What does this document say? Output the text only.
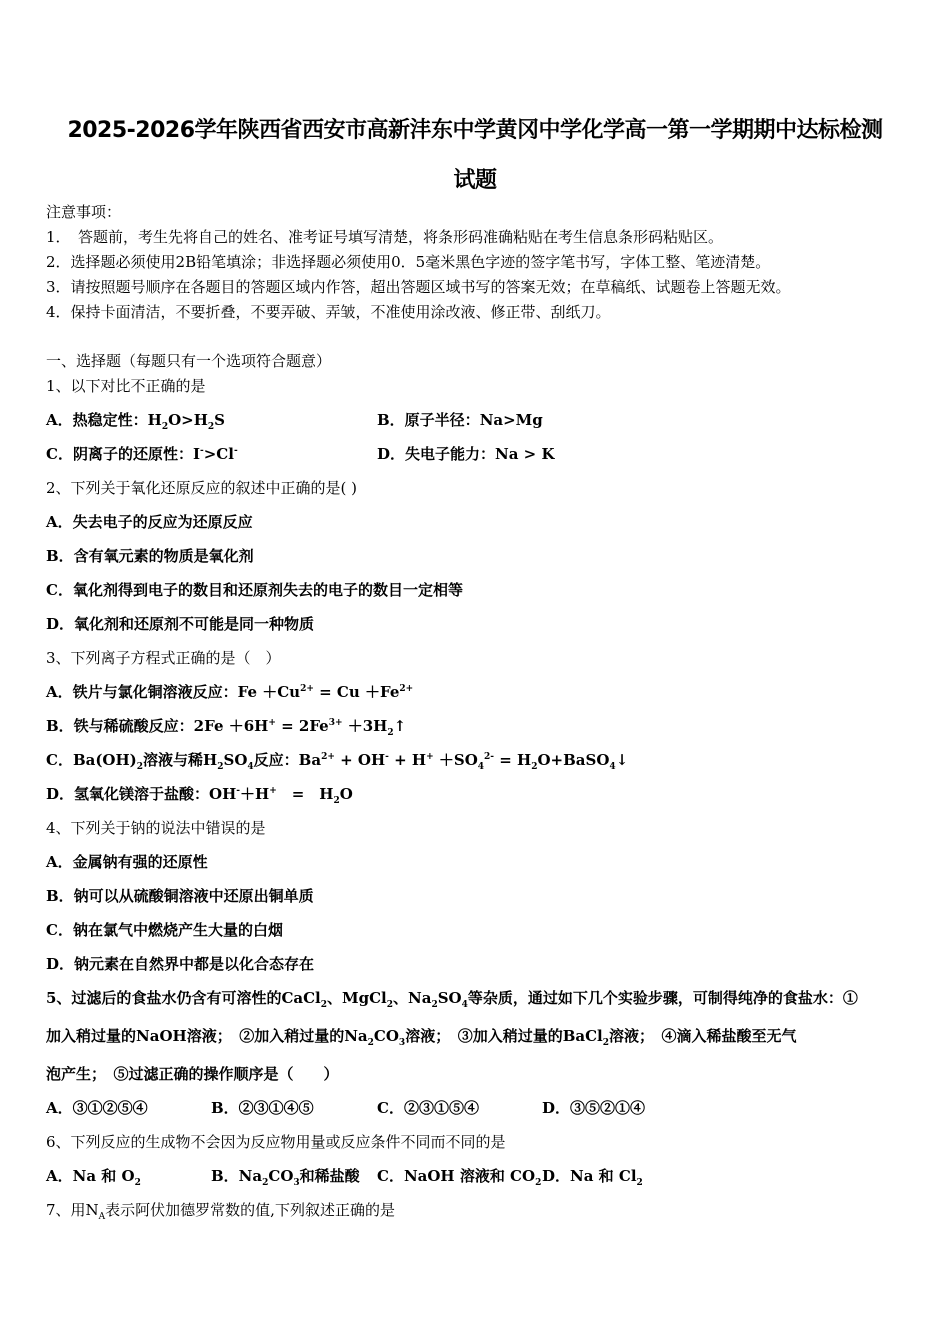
2025-2026学年陕西省西安市高新沣东中学黄冈中学化学高一第一学期期中达标检测
试题
注意事项：
1．　答题前，考生先将自己的姓名、准考证号填写清楚，将条形码准确粘贴在考生信息条形码粘贴区。
2．选择题必须使用2B铅笔填涂；非选择题必须使用0．5毫米黑色字迹的签字笔书写，字体工整、笔迹清楚。
3．请按照题号顺序在各题目的答题区域内作答，超出答题区域书写的答案无效；在草稿纸、试题卷上答题无效。
4．保持卡面清洁，不要折叠，不要弄破、弄皱，不准使用涂改液、修正带、刮纸刀。
一、选择题（每题只有一个选项符合题意）
1、以下对比不正确的是
A．热稳定性：$H_2O>H_2S$	B．原子半径：Na>Mg
C．阴离子的还原性：I->Cl-	D．失电子能力：Na > K
2、下列关于氧化还原反应的叙述中正确的是( )
A．失去电子的反应为还原反应
B．含有氧元素的物质是氧化剂
C．氧化剂得到电子的数目和还原剂失去的电子的数目一定相等
D．氧化剂和还原剂不可能是同一种物质
3、下列离子方程式正确的是（　）
A．铁片与氯化铜溶液反应：$Fe +Cu^{2+} = Cu +Fe^{2+}$
B．铁与稀硫酸反应：$2Fe +6H^+ = 2Fe^{3+}$ $+3H_2↑$
C．$Ba(OH)_2$溶液与稀$H_2SO_4$反应：$Ba^{2+} + OH^- + H^+ +SO_4^{2-}$ = $H_2O+BaSO_4↓$
D．氢氧化镁溶于盐酸：OH-＋H+　=　$H_2O$
4、下列关于钠的说法中错误的是
A．金属钠有强的还原性
B．钠可以从硫酸铜溶液中还原出铜单质
C．钠在氯气中燃烧产生大量的白烟
D．钠元素在自然界中都是以化合态存在
5、过滤后的食盐水仍含有可溶性的CaCl$_2$、MgCl$_2$、$Na_2SO_4$等杂质，通过如下几个实验步骤，可制得纯净的食盐水：①
加入稍过量的NaOH溶液；　②加入稍过量的$Na_2CO_3$溶液；　③加入稍过量的BaCl$_2$溶液；　④滴入稀盐酸至无气
泡产生；　⑤过滤正确的操作顺序是（　　）
A．③①②⑤④	B．②③①④⑤	C．②③①⑤④	D．③⑤②①④
6、下列反应的生成物不会因为反应物用量或反应条件不同而不同的是
A．Na 和 $O_2$	B．$Na_2CO_3$和稀盐酸 C．NaOH 溶液和 $CO_2$ D．Na 和 $Cl_2$
7、用$N_A$表示阿伏加德罗常数的值,下列叙述正确的是
